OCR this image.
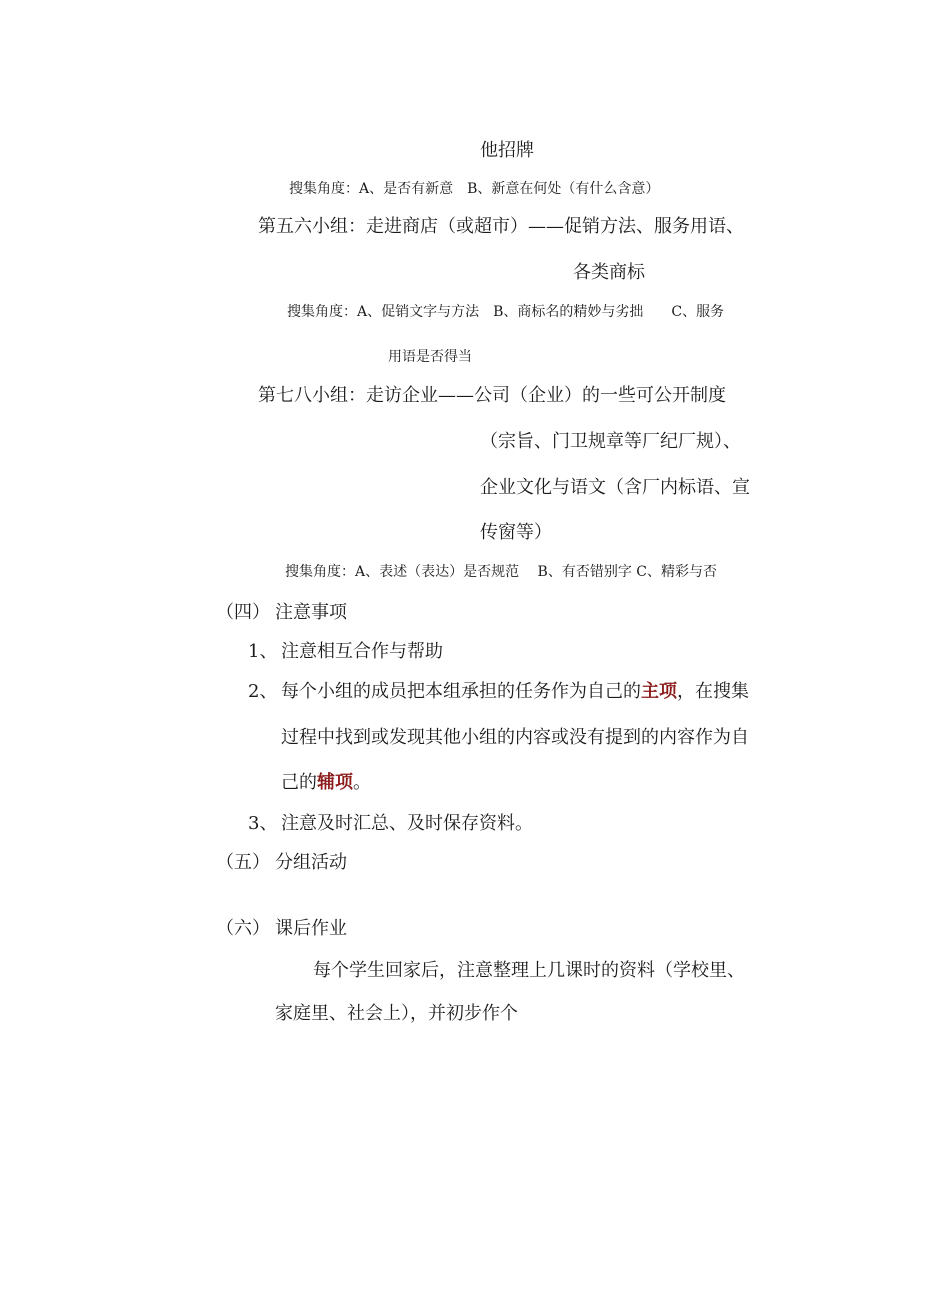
他招牌
搜集角度：A、是否有新意　B、新意在何处（有什么含意）
第五六小组：走进商店（或超市）——促销方法、服务用语、
各类商标
搜集角度：A、促销文字与方法　B、商标名的精妙与劣拙　　C、服务
用语是否得当
第七八小组：走访企业——公司（企业）的一些可公开制度
（宗旨、门卫规章等厂纪厂规）、
企业文化与语文（含厂内标语、宣
传窗等）
搜集角度：A、表述（表达）是否规范　 B、有否错别字 C、精彩与否
（四） 注意事项
1、 注意相互合作与帮助
2、 每个小组的成员把本组承担的任务作为自己的主项，在搜集
过程中找到或发现其他小组的内容或没有提到的内容作为自
己的辅项。
3、 注意及时汇总、及时保存资料。
（五） 分组活动
（六） 课后作业
每个学生回家后，注意整理上几课时的资料（学校里、
家庭里、社会上），并初步作个
